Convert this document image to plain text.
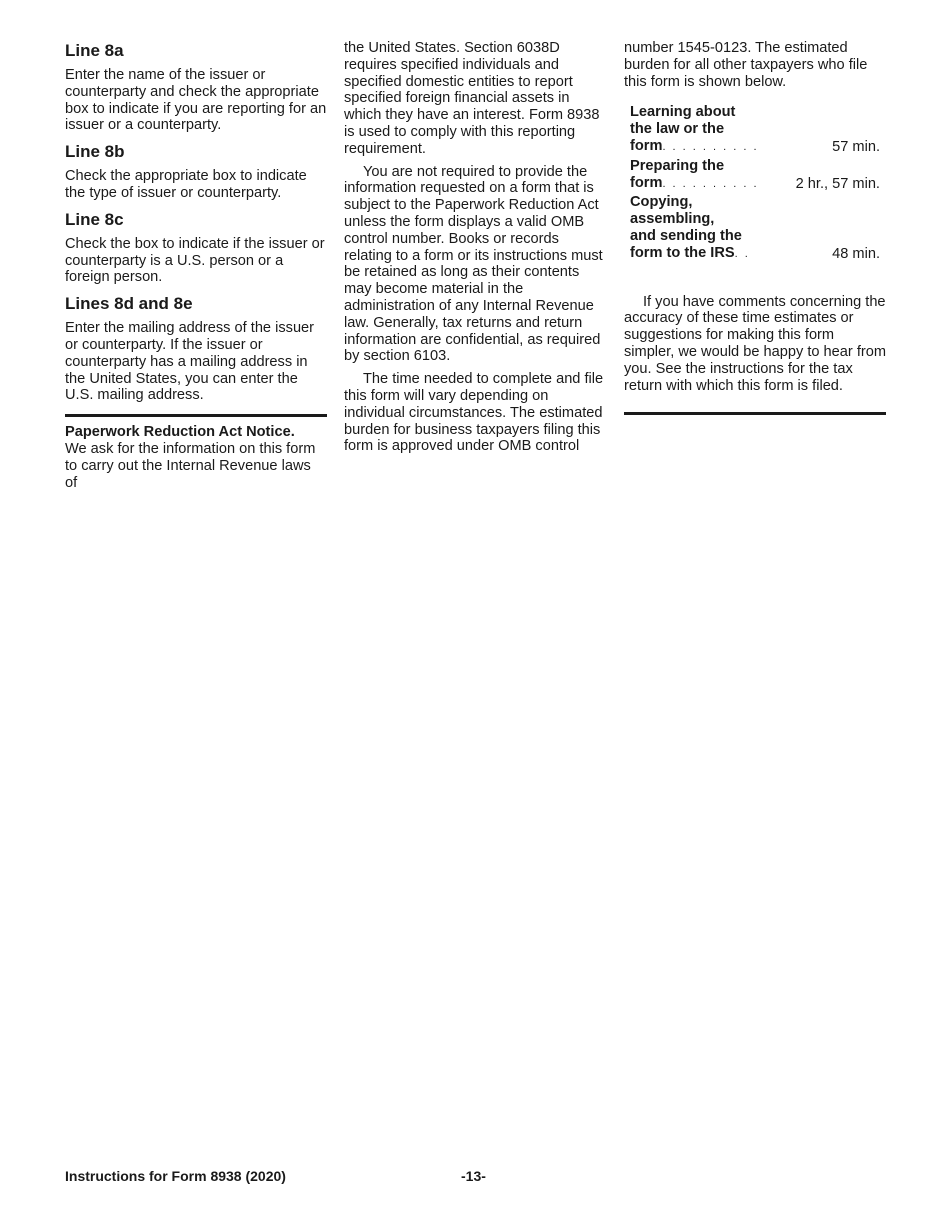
Line 8a

Enter the name of the issuer or counterparty and check the appropriate box to indicate if you are reporting for an issuer or a counterparty.

Line 8b

Check the appropriate box to indicate the type of issuer or counterparty.

Line 8c

Check the box to indicate if the issuer or counterparty is a U.S. person or a foreign person.

Lines 8d and 8e

Enter the mailing address of the issuer or counterparty. If the issuer or counterparty has a mailing address in the United States, you can enter the U.S. mailing address.

Paperwork Reduction Act Notice.

We ask for the information on this form to carry out the Internal Revenue laws of

the United States. Section 6038D requires specified individuals and specified domestic entities to report specified foreign financial assets in which they have an interest. Form 8938 is used to comply with this reporting requirement.

You are not required to provide the information requested on a form that is subject to the Paperwork Reduction Act unless the form displays a valid OMB control number. Books or records relating to a form or its instructions must be retained as long as their contents may become material in the administration of any Internal Revenue law. Generally, tax returns and return information are confidential, as required by section 6103.

The time needed to complete and file this form will vary depending on individual circumstances. The estimated burden for business taxpayers filing this form is approved under OMB control

number 1545-0123. The estimated burden for all other taxpayers who file this form is shown below.

Learning about
the law or the
form. . . . . . . . . .	57 min.
Preparing the
form. . . . . . . . . .	2 hr., 57 min.
Copying,
assembling,
and sending the
form to the IRS. .	48 min.

If you have comments concerning the accuracy of these time estimates or suggestions for making this form simpler, we would be happy to hear from you. See the instructions for the tax return with which this form is filed.

Instructions for Form 8938 (2020)	-13-
